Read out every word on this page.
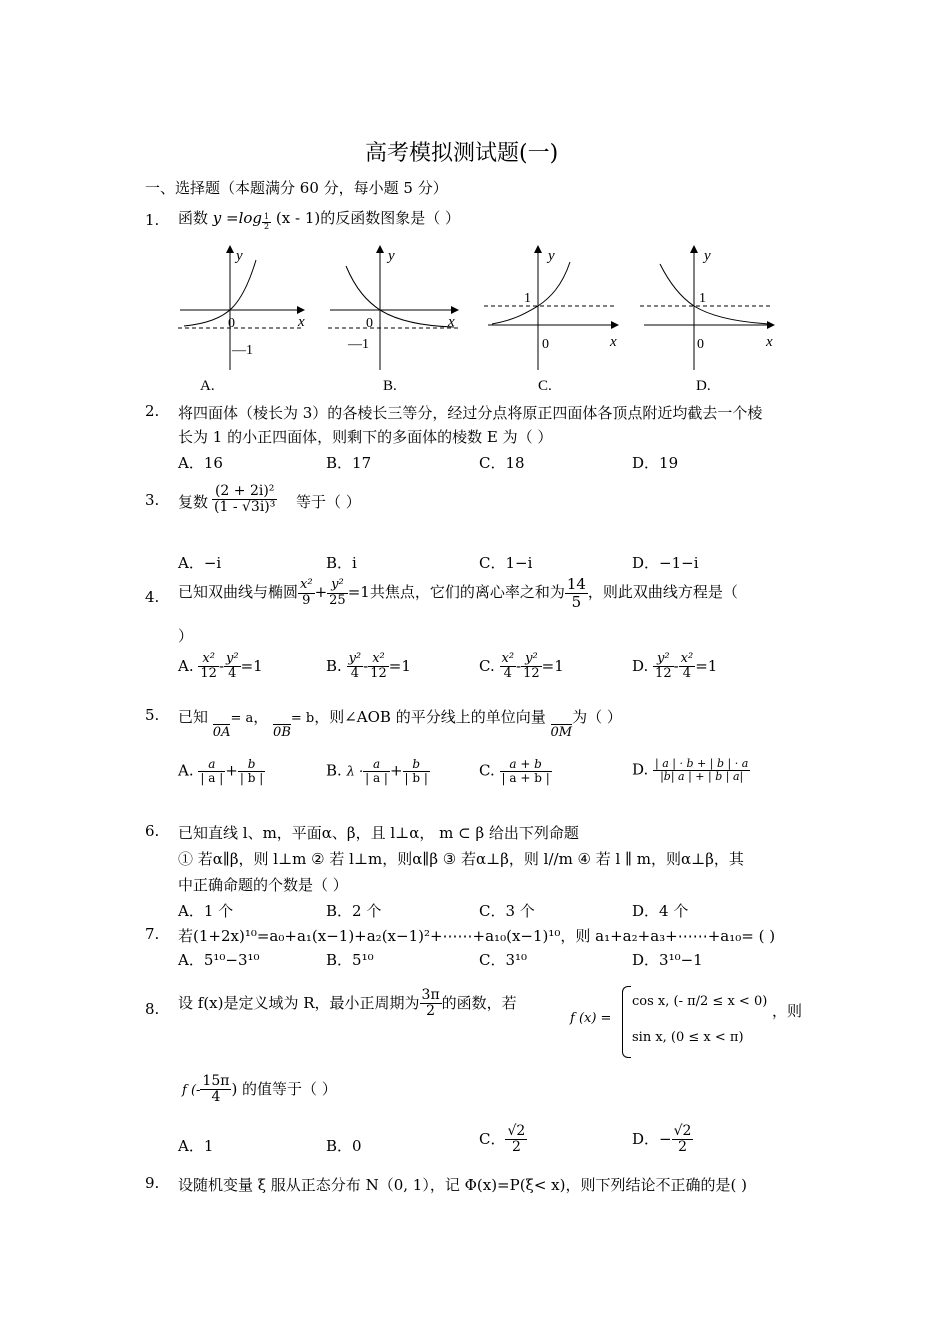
高考模拟测试题(一)
一、选择题（本题满分 60 分，每小题 5 分）
1. 函数 $y =\log \frac{1}{2} (x - 1)$的反函数图象是（ ）
y
x
0
—1
A.
y
x
0
—1
B.
y
x
0
1
C.
y
x
0
1
D.
2. 将四面体（棱长为 3）的各棱长三等分，经过分点将原正四面体各顶点附近均截去一个棱
长为 1 的小正四面体，则剩下的多面体的棱数 E 为（ ）
A．16	B．17	C．18	D．19
3. 复数 $\frac{\text{(2 + 2i)²}}{\text{(1 - √3i)³}}$ 等于（ ）
A．−i	B．i	C．1−i	D．−1−i
4. 已知双曲线与椭圆 $\frac{\text{x²}}{9} + \frac{\text{y²}}{25} =1$共焦点，它们的离心率之和为 $\frac{14}{5}$ ，则此双曲线方程是（
）
A. $\frac{\text{x²}}{12} - \frac{\text{y²}}{4} =1$	B. $\frac{\text{y²}}{4} - \frac{\text{x²}}{12} =1$	C. $\frac{\text{x²}}{4} - \frac{\text{y²}}{12} =1$	D. $\frac{\text{y²}}{12} - \frac{\text{x²}}{4} =1$
5. 已知 0A= a， 0B= b，则∠AOB 的平分线上的单位向量 0M为（ ）
A. $\frac{a}{| a |} + \frac{b}{| b |}$	B. $\lambda \cdot \frac{a}{| a |} + \frac{b}{| b |}$	C. $\frac{a + b}{| a + b |}$	D. $\frac{| a | \cdot b + | b | \cdot a}{|b| a | + | b | a|}$
6. 已知直线 l、m，平面α、β，且 l⊥α， m ⊂ β 给出下列命题
① 若α∥β，则 l⊥m ② 若 l⊥m，则α∥β ③ 若α⊥β，则 l//m ④ 若 l ∥ m，则α⊥β，其
中正确命题的个数是（ ）
A．1 个	B．2 个	C．3 个	D．4 个
7. 若(1+2x)¹⁰=a₀+a₁(x−1)+a₂(x−1)²+⋯⋯+a₁₀(x−1)¹⁰，则 a₁+a₂+a₃+⋯⋯+a₁₀= ( )
A．5¹⁰−3¹⁰	B．5¹⁰	C．3¹⁰	D．3¹⁰−1
8. 设 f(x)是定义域为 R，最小正周期为 $\frac{3\pi}{2}$ 的函数，若
f (x) =
cos x, (- π/2 ≤ x < 0)
sin x, (0 ≤ x < π)
，则
f (- $\frac{15\pi}{4}$ ) 的值等于（ ）
A．1	B．0	C． $\frac{√2}{2}$	D．− $\frac{√2}{2}$
9. 设随机变量 ξ 服从正态分布 N（0, 1），记 Φ(x)=P(ξ< x)，则下列结论不正确的是( )
